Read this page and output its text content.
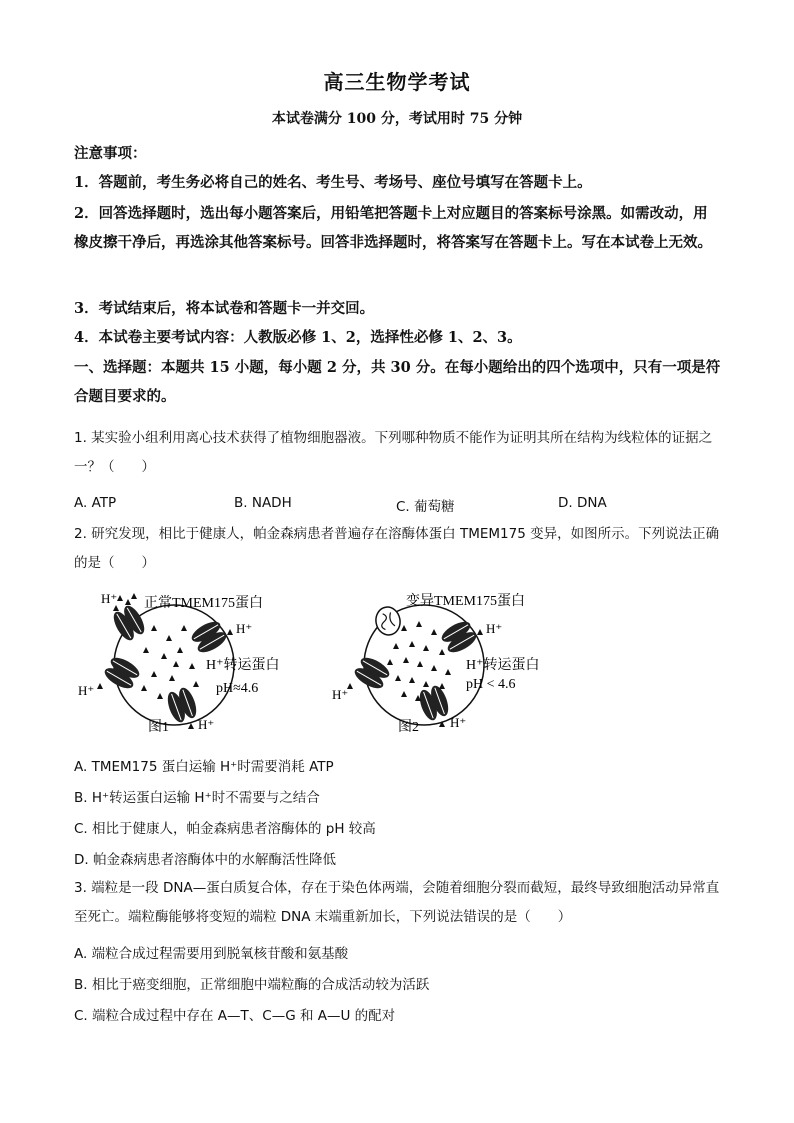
高三生物学考试
本试卷满分 100 分，考试用时 75 分钟
注意事项：
1．答题前，考生务必将自己的姓名、考生号、考场号、座位号填写在答题卡上。
2．回答选择题时，选出每小题答案后，用铅笔把答题卡上对应题目的答案标号涂黑。如需改动，用橡皮擦干净后，再选涂其他答案标号。回答非选择题时，将答案写在答题卡上。写在本试卷上无效。
3．考试结束后，将本试卷和答题卡一并交回。
4．本试卷主要考试内容：人教版必修 1、2，选择性必修 1、2、3。
一、选择题：本题共 15 小题，每小题 2 分，共 30 分。在每小题给出的四个选项中，只有一项是符合题目要求的。
1. 某实验小组利用离心技术获得了植物细胞器液。下列哪种物质不能作为证明其所在结构为线粒体的证据之一？（　　）
A. ATP	B. NADH	C. 葡萄糖	D. DNA
2. 研究发现，相比于健康人，帕金森病患者普遍存在溶酶体蛋白 TMEM175 变异，如图所示。下列说法正确的是（　　）
H⁺ 正常TMEM175蛋白
H⁺
H⁺转运蛋白
pH≈4.6
H⁺
H⁺
图1
变异TMEM175蛋白
H⁺
H⁺转运蛋白
pH < 4.6
H⁺
H⁺
图2
A. TMEM175 蛋白运输 H⁺时需要消耗 ATP
B. H⁺转运蛋白运输 H⁺时不需要与之结合
C. 相比于健康人，帕金森病患者溶酶体的 pH 较高
D. 帕金森病患者溶酶体中的水解酶活性降低
3. 端粒是一段 DNA—蛋白质复合体，存在于染色体两端，会随着细胞分裂而截短，最终导致细胞活动异常直至死亡。端粒酶能够将变短的端粒 DNA 末端重新加长，下列说法错误的是（　　）
A. 端粒合成过程需要用到脱氧核苷酸和氨基酸
B. 相比于癌变细胞，正常细胞中端粒酶的合成活动较为活跃
C. 端粒合成过程中存在 A—T、C—G 和 A—U 的配对
